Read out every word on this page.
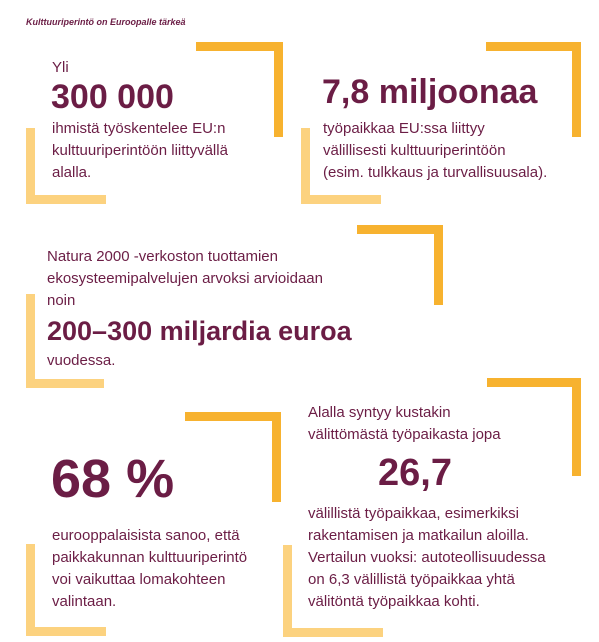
Kulttuuriperintö on Euroopalle tärkeä
Yli
300 000
ihmistä työskentelee EU:n
kulttuuriperintöön liittyvällä
alalla.
7,8 miljoonaa
työpaikkaa EU:ssa liittyy
välillisesti kulttuuriperintöön
(esim. tulkkaus ja turvallisuusala).
Natura 2000 -verkoston tuottamien
ekosysteemipalvelujen arvoksi arvioidaan
noin
200–300 miljardia euroa
vuodessa.
68 %
eurooppalaisista sanoo, että
paikkakunnan kulttuuriperintö
voi vaikuttaa lomakohteen
valintaan.
Alalla syntyy kustakin
välittömästä työpaikasta jopa
26,7
välillistä työpaikkaa, esimerkiksi
rakentamisen ja matkailun aloilla.
Vertailun vuoksi: autoteollisuudessa
on 6,3 välillistä työpaikkaa yhtä
välitöntä työpaikkaa kohti.
